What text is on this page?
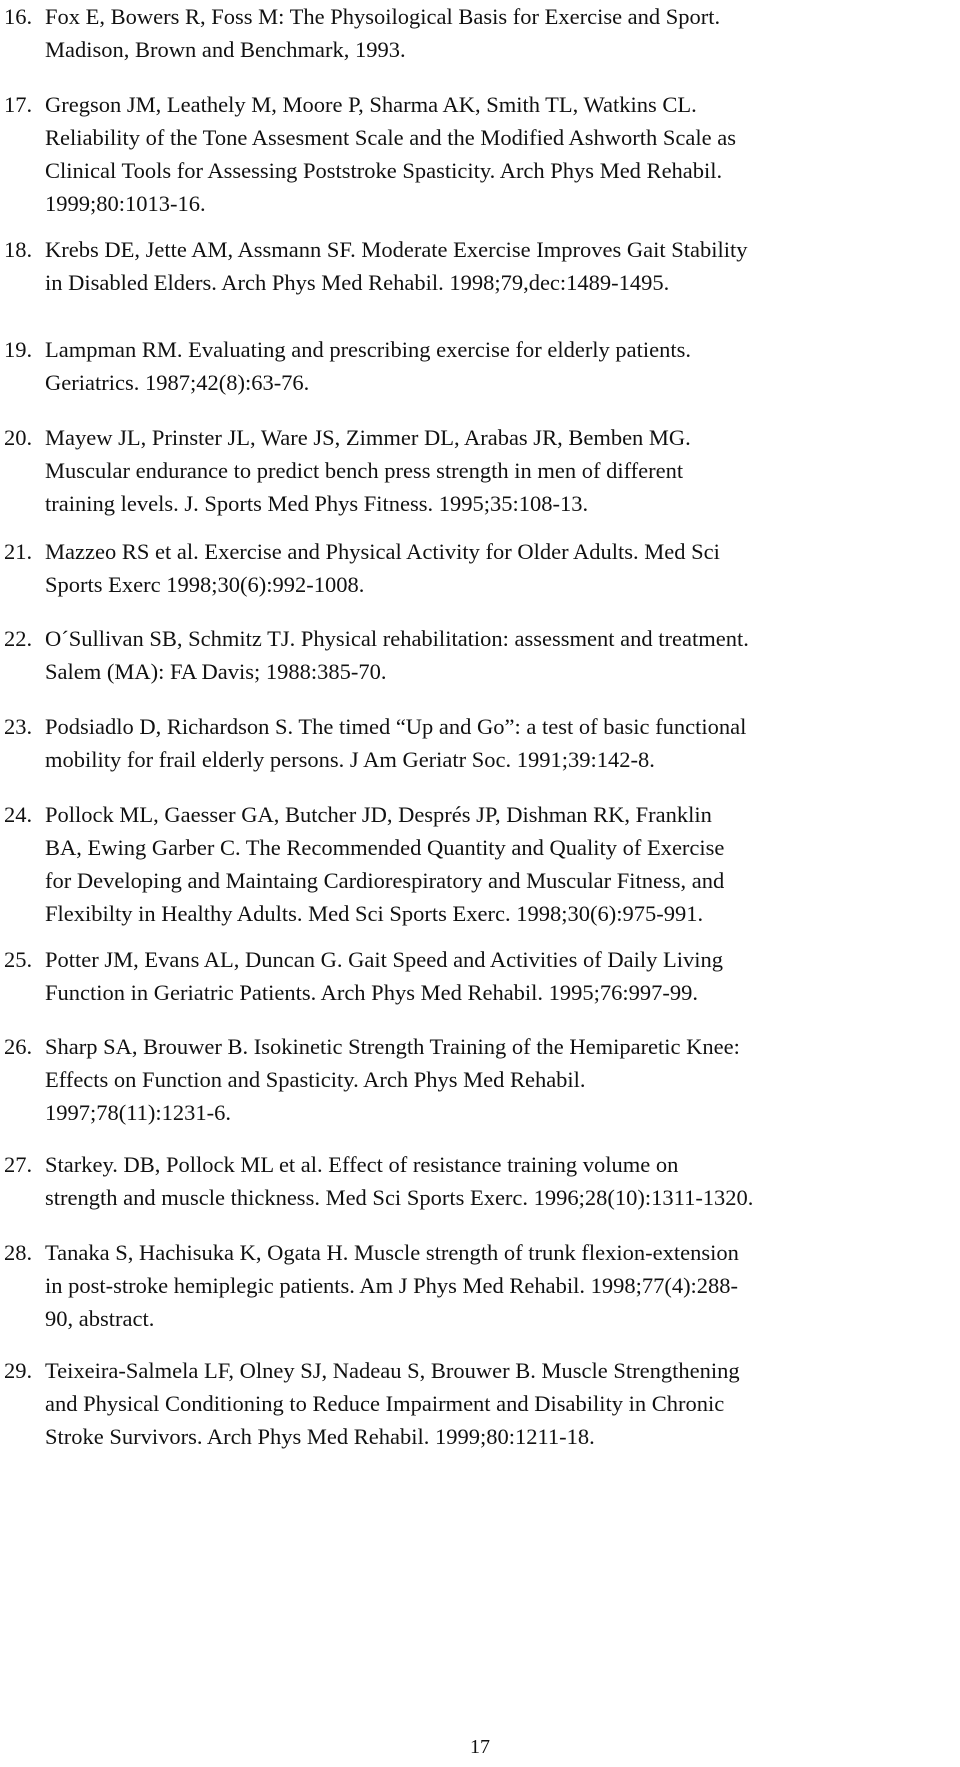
16. Fox E, Bowers R, Foss M: The Physoilogical Basis for Exercise and Sport.
Madison, Brown and Benchmark, 1993.
17. Gregson JM, Leathely M, Moore P, Sharma AK, Smith TL, Watkins CL.
Reliability of the Tone Assesment Scale and the Modified Ashworth Scale as
Clinical Tools for Assessing Poststroke Spasticity. Arch Phys Med Rehabil.
1999;80:1013-16.
18. Krebs DE, Jette AM, Assmann SF. Moderate Exercise Improves Gait Stability
in Disabled Elders. Arch Phys Med Rehabil. 1998;79,dec:1489-1495.
19. Lampman RM. Evaluating and prescribing exercise for elderly patients.
Geriatrics. 1987;42(8):63-76.
20. Mayew JL, Prinster JL, Ware JS, Zimmer DL, Arabas JR, Bemben MG.
Muscular endurance to predict bench press strength in men of different
training levels. J. Sports Med Phys Fitness. 1995;35:108-13.
21. Mazzeo RS et al. Exercise and Physical Activity for Older Adults. Med Sci
Sports Exerc 1998;30(6):992-1008.
22. O´Sullivan SB, Schmitz TJ. Physical rehabilitation: assessment and treatment.
Salem (MA): FA Davis; 1988:385-70.
23. Podsiadlo D, Richardson S. The timed “Up and Go”: a test of basic functional
mobility for frail elderly persons. J Am Geriatr Soc. 1991;39:142-8.
24. Pollock ML, Gaesser GA, Butcher JD, Després JP, Dishman RK, Franklin
BA, Ewing Garber C. The Recommended Quantity and Quality of Exercise
for Developing and Maintaing Cardiorespiratory and Muscular Fitness, and
Flexibilty in Healthy Adults. Med Sci Sports Exerc. 1998;30(6):975-991.
25. Potter JM, Evans AL, Duncan G. Gait Speed and Activities of Daily Living
Function in Geriatric Patients. Arch Phys Med Rehabil. 1995;76:997-99.
26. Sharp SA, Brouwer B. Isokinetic Strength Training of the Hemiparetic Knee:
Effects on Function and Spasticity. Arch Phys Med Rehabil.
1997;78(11):1231-6.
27. Starkey. DB, Pollock ML et al. Effect of resistance training volume on
strength and muscle thickness. Med Sci Sports Exerc. 1996;28(10):1311-1320.
28. Tanaka S, Hachisuka K, Ogata H. Muscle strength of trunk flexion-extension
in post-stroke hemiplegic patients. Am J Phys Med Rehabil. 1998;77(4):288-
90, abstract.
29. Teixeira-Salmela LF, Olney SJ, Nadeau S, Brouwer B. Muscle Strengthening
and Physical Conditioning to Reduce Impairment and Disability in Chronic
Stroke Survivors. Arch Phys Med Rehabil. 1999;80:1211-18.
17
